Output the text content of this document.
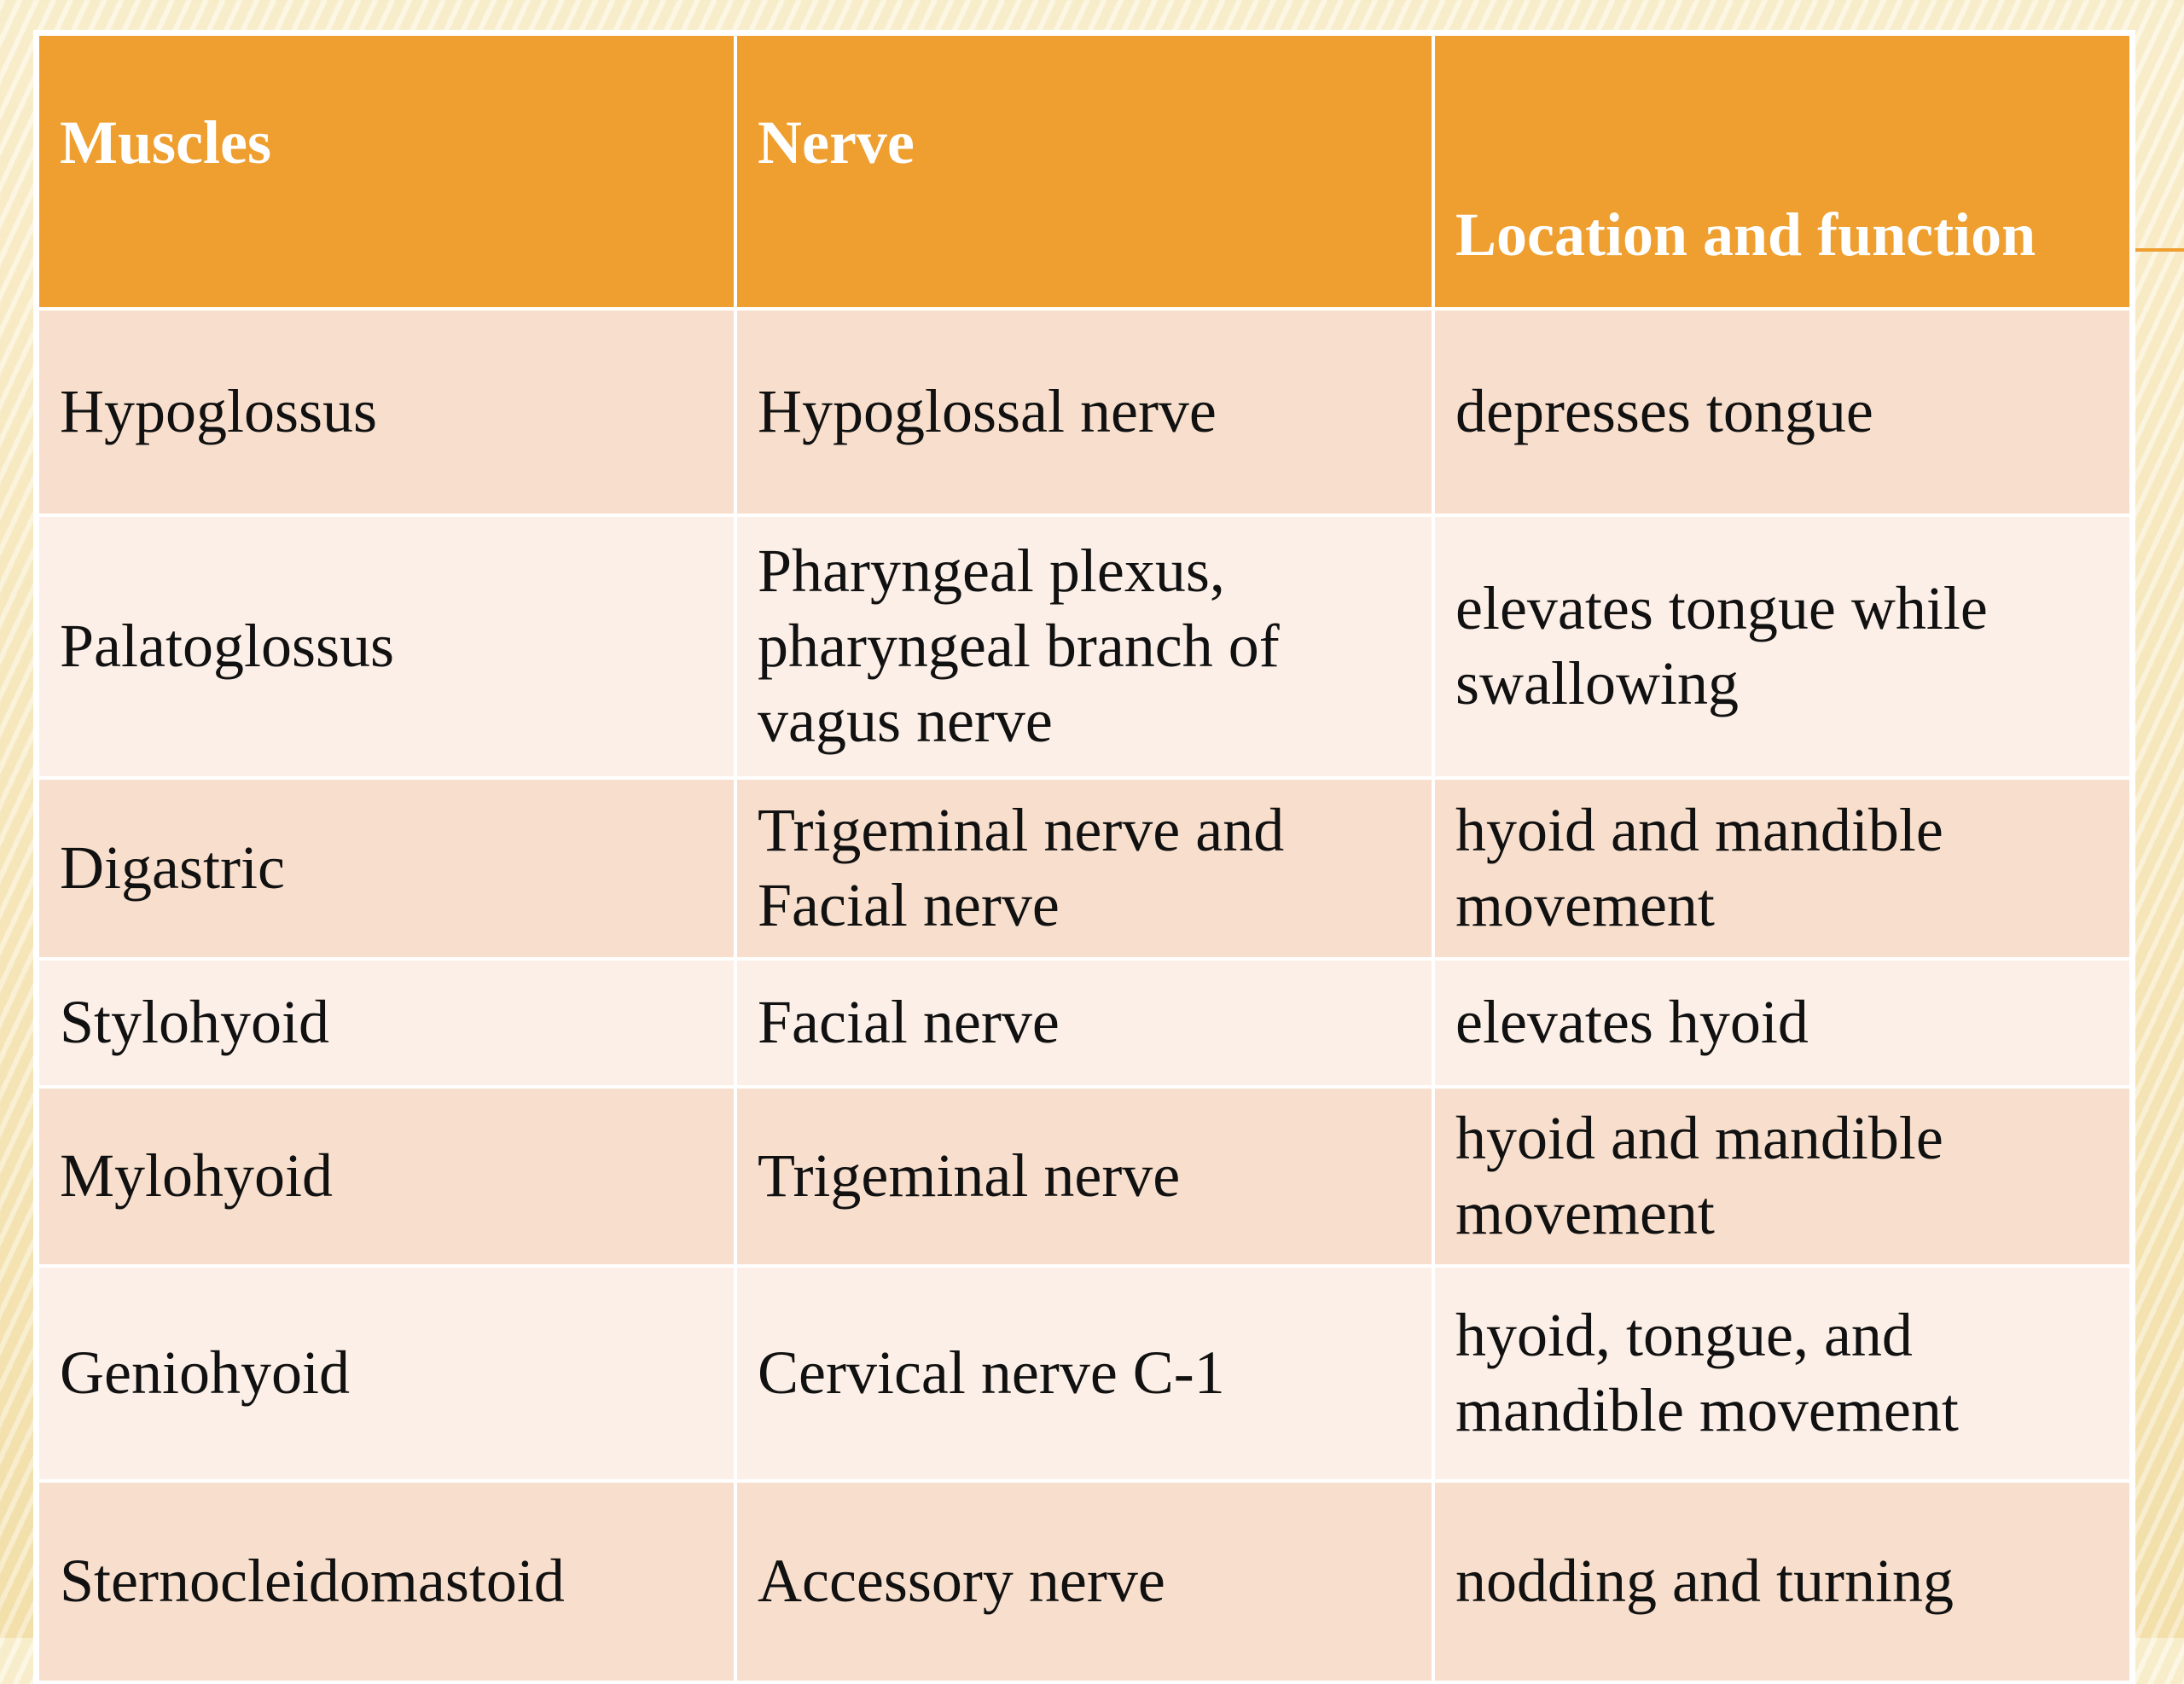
Muscles	Nerve	Location and function
Hypoglossus	Hypoglossal nerve	depresses tongue
Palatoglossus	Pharyngeal plexus, pharyngeal branch of vagus nerve	elevates tongue while swallowing
Digastric	Trigeminal nerve and Facial nerve	hyoid and mandible movement
Stylohyoid	Facial nerve	elevates hyoid
Mylohyoid	Trigeminal nerve	hyoid and mandible movement
Geniohyoid	Cervical nerve C-1	hyoid, tongue, and mandible movement
Sternocleidomastoid	Accessory nerve	nodding and turning
